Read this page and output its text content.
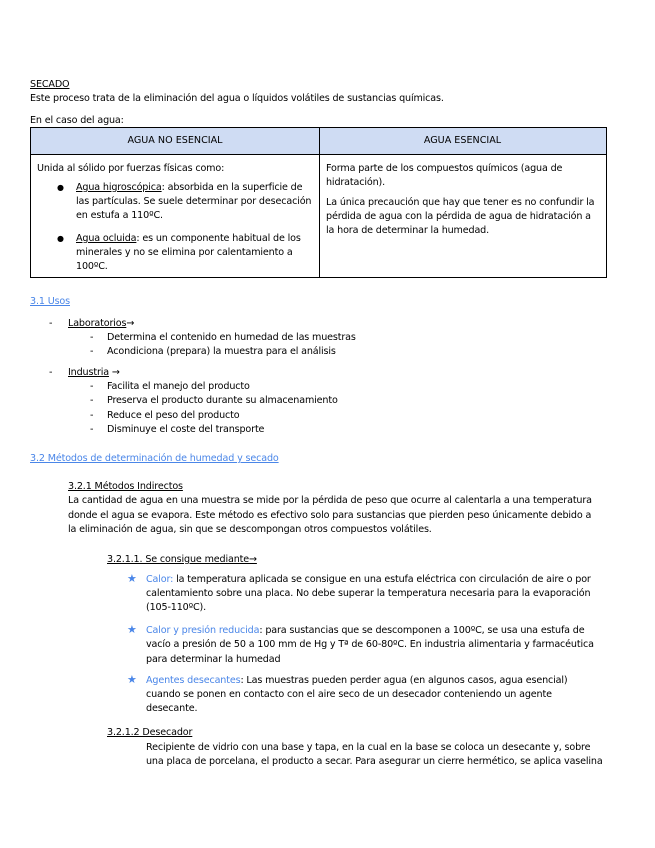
SECADO
Este proceso trata de la eliminación del agua o líquidos volátiles de sustancias químicas.
En el caso del agua:
AGUA NO ESENCIAL	AGUA ESENCIAL
Unida al sólido por fuerzas físicas como:
● Agua higroscópica: absorbida en la superficie de
las partículas. Se suele determinar por desecación
en estufa a 110ºC.
● Agua ocluida: es un componente habitual de los
minerales y no se elimina por calentamiento a
100ºC.
Forma parte de los compuestos químicos (agua de
hidratación).
La única precaución que hay que tener es no confundir la
pérdida de agua con la pérdida de agua de hidratación a
la hora de determinar la humedad.
3.1 Usos
- Laboratorios→
- Determina el contenido en humedad de las muestras
- Acondiciona (prepara) la muestra para el análisis
- Industria →
- Facilita el manejo del producto
- Preserva el producto durante su almacenamiento
- Reduce el peso del producto
- Disminuye el coste del transporte
3.2 Métodos de determinación de humedad y secado
3.2.1 Métodos Indirectos
La cantidad de agua en una muestra se mide por la pérdida de peso que ocurre al calentarla a una temperatura
donde el agua se evapora. Este método es efectivo solo para sustancias que pierden peso únicamente debido a
la eliminación de agua, sin que se descompongan otros compuestos volátiles.
3.2.1.1. Se consigue mediante→
★ Calor: la temperatura aplicada se consigue en una estufa eléctrica con circulación de aire o por
calentamiento sobre una placa. No debe superar la temperatura necesaria para la evaporación
(105-110ºC).
★ Calor y presión reducida: para sustancias que se descomponen a 100ºC, se usa una estufa de
vacío a presión de 50 a 100 mm de Hg y Tª de 60-80ºC. En industria alimentaria y farmacéutica
para determinar la humedad
★ Agentes desecantes: Las muestras pueden perder agua (en algunos casos, agua esencial)
cuando se ponen en contacto con el aire seco de un desecador conteniendo un agente
desecante.
3.2.1.2 Desecador
Recipiente de vidrio con una base y tapa, en la cual en la base se coloca un desecante y, sobre
una placa de porcelana, el producto a secar. Para asegurar un cierre hermético, se aplica vaselina
